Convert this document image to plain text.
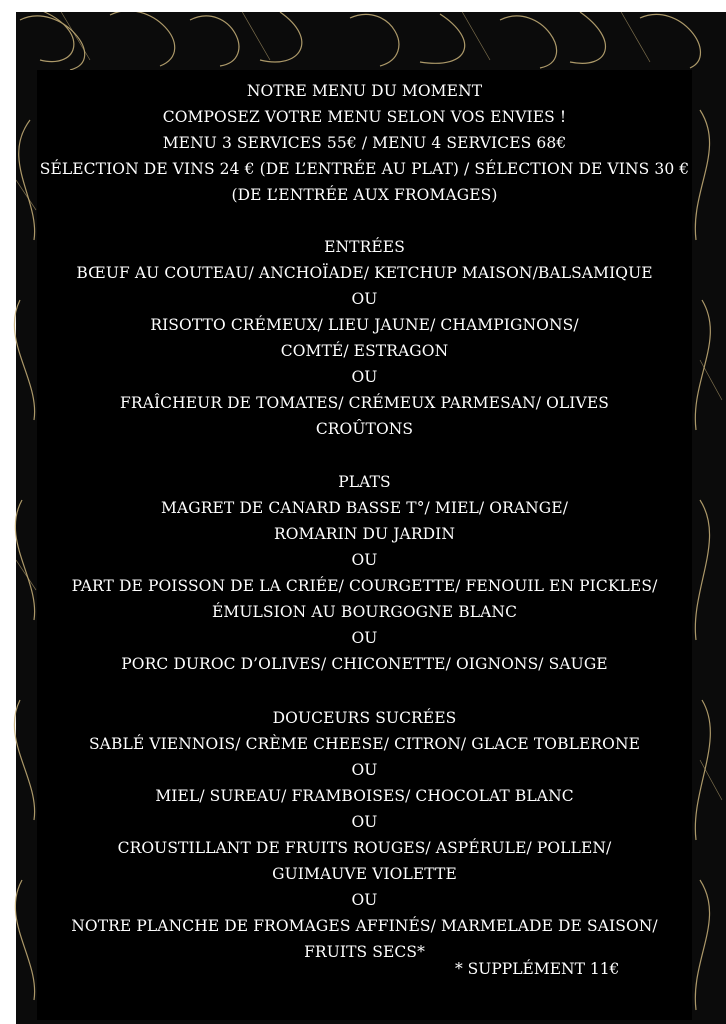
NOTRE MENU DU MOMENT
COMPOSEZ VOTRE MENU SELON VOS ENVIES !
MENU 3 SERVICES 55€ / MENU 4 SERVICES 68€
SÉLECTION DE VINS 24 € (DE L’ENTRÉE AU PLAT) / SÉLECTION DE VINS 30 €
(DE L’ENTRÉE AUX FROMAGES)
ENTRÉES
BŒUF AU COUTEAU/ ANCHOÏADE/ KETCHUP MAISON/BALSAMIQUE
OU
RISOTTO CRÉMEUX/ LIEU JAUNE/ CHAMPIGNONS/
COMTÉ/ ESTRAGON
OU
FRAÎCHEUR DE TOMATES/ CRÉMEUX PARMESAN/ OLIVES
CROÛTONS
PLATS
MAGRET DE CANARD BASSE T°/ MIEL/ ORANGE/
ROMARIN DU JARDIN
OU
PART DE POISSON DE LA CRIÉE/ COURGETTE/ FENOUIL EN PICKLES/
ÉMULSION AU BOURGOGNE BLANC
OU
PORC DUROC D’OLIVES/ CHICONETTE/ OIGNONS/ SAUGE
DOUCEURS SUCRÉES
SABLÉ VIENNOIS/ CRÈME CHEESE/ CITRON/ GLACE TOBLERONE
OU
MIEL/ SUREAU/ FRAMBOISES/ CHOCOLAT BLANC
OU
CROUSTILLANT DE FRUITS ROUGES/ ASPÉRULE/ POLLEN/
GUIMAUVE VIOLETTE
OU
NOTRE PLANCHE DE FROMAGES AFFINÉS/ MARMELADE DE SAISON/
FRUITS SECS*
* SUPPLÉMENT 11€
